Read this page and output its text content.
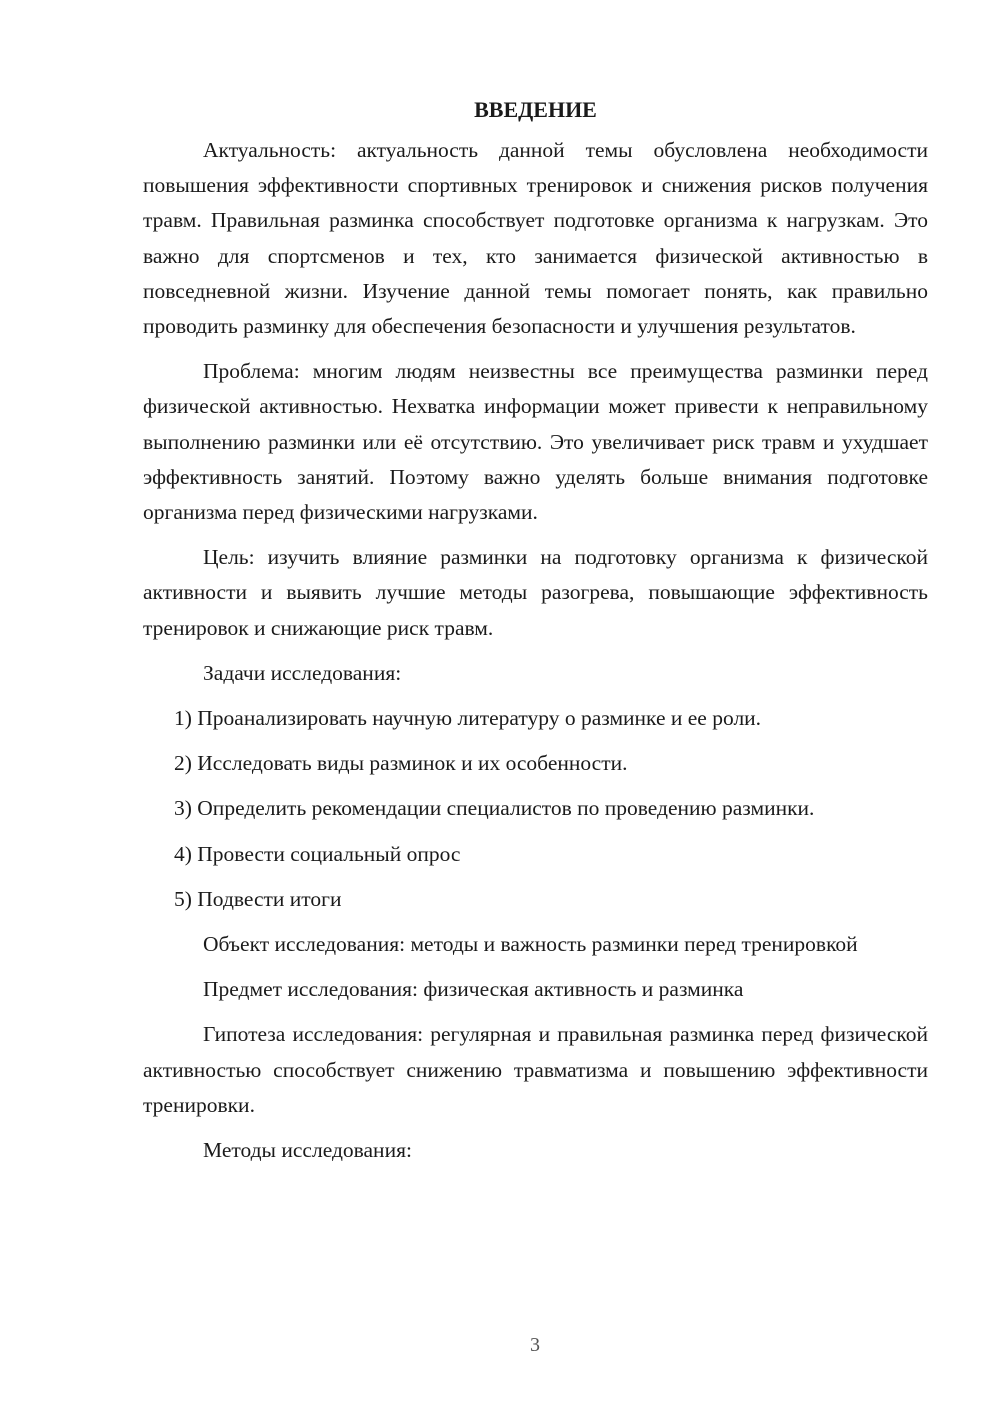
ВВЕДЕНИЕ

Актуальность: актуальность данной темы обусловлена необходимости повышения эффективности спортивных тренировок и снижения рисков получения травм. Правильная разминка способствует подготовке организма к нагрузкам. Это важно для спортсменов и тех, кто занимается физической активностью в повседневной жизни. Изучение данной темы помогает понять, как правильно проводить разминку для обеспечения безопасности и улучшения результатов.

Проблема: многим людям неизвестны все преимущества разминки перед физической активностью. Нехватка информации может привести к неправильному выполнению разминки или её отсутствию. Это увеличивает риск травм и ухудшает эффективность занятий. Поэтому важно уделять больше внимания подготовке организма перед физическими нагрузками.

Цель: изучить влияние разминки на подготовку организма к физической активности и выявить лучшие методы разогрева, повышающие эффективность тренировок и снижающие риск травм.

Задачи исследования:

1) Проанализировать научную литературу о разминке и ее роли.

2) Исследовать виды разминок и их особенности.

3) Определить рекомендации специалистов по проведению разминки.

4) Провести социальный опрос

5) Подвести итоги

Объект исследования: методы и важность разминки перед тренировкой

Предмет исследования: физическая активность и разминка

Гипотеза исследования: регулярная и правильная разминка перед физической активностью способствует снижению травматизма и повышению эффективности тренировки.

Методы исследования:

3
